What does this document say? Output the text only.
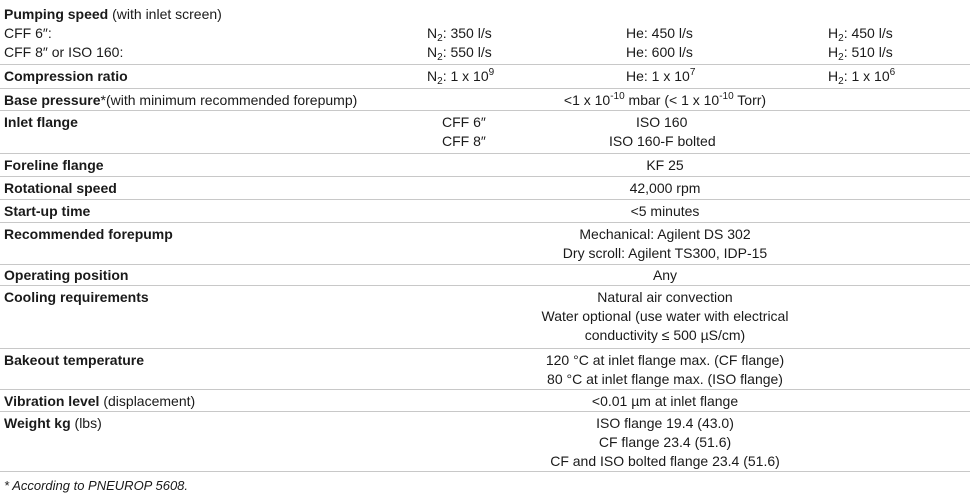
Pumping speed (with inlet screen)
CFF 6″:	$N_2$: 350 l/s	He: 450 l/s	$H_2$: 450 l/s
CFF 8″ or ISO 160:	$N_2$: 550 l/s	He: 600 l/s	$H_2$: 510 l/s
Compression ratio	$N_2$: 1 x $10^9$	He: 1 x $10^7$	$H_2$: 1 x $10^6$
Base pressure*(with minimum recommended forepump)	<1 x $10^{-10}$ mbar (< 1 x $10^{-10}$ Torr)
Inlet flange	CFF 6″	ISO 160
CFF 8″	ISO 160-F bolted
Foreline flange	KF 25
Rotational speed	42,000 rpm
Start-up time	<5 minutes
Recommended forepump	Mechanical: Agilent DS 302
Dry scroll: Agilent TS300, IDP-15
Operating position	Any
Cooling requirements	Natural air convection
Water optional (use water with electrical
conductivity ≤ 500 µS/cm)
Bakeout temperature	120 °C at inlet flange max. (CF flange)
80 °C at inlet flange max. (ISO flange)
Vibration level (displacement)	<0.01 µm at inlet flange
Weight kg (lbs)	ISO flange 19.4 (43.0)
CF flange 23.4 (51.6)
CF and ISO bolted flange 23.4 (51.6)
* According to PNEUROP 5608.
